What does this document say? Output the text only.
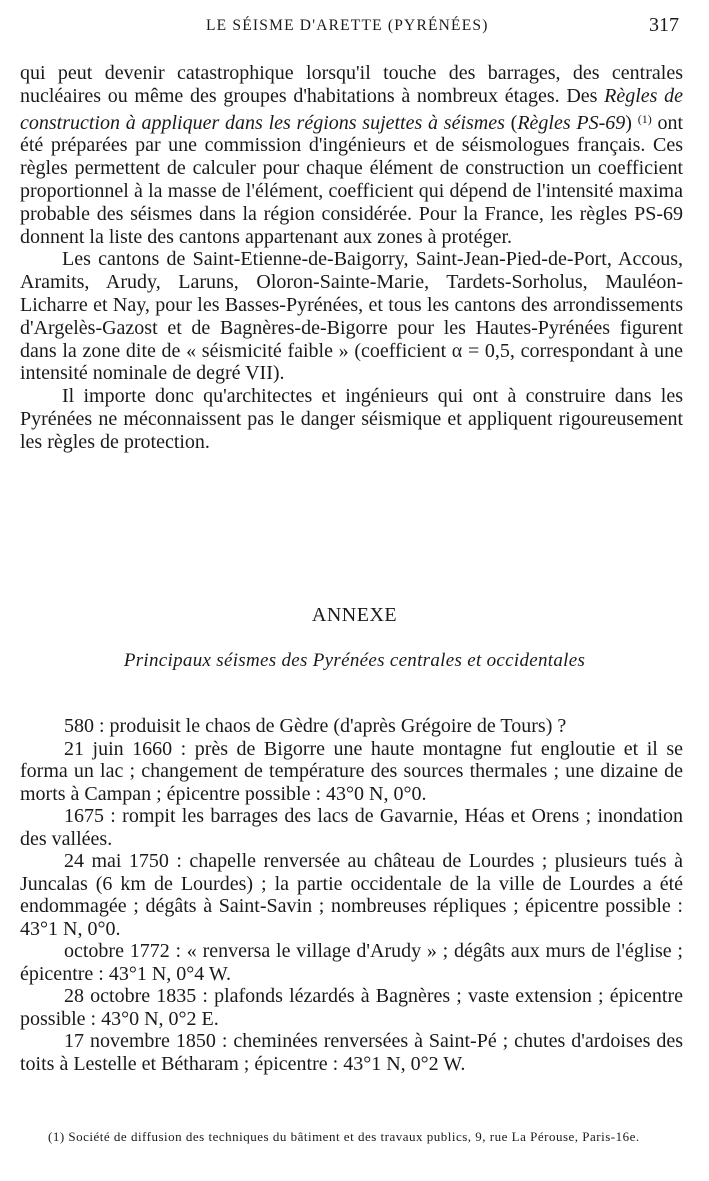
LE SÉISME D'ARETTE (PYRÉNÉES)	317

qui peut devenir catastrophique lorsqu'il touche des barrages, des centrales nucléaires ou même des groupes d'habitations à nombreux étages. Des Règles de construction à appliquer dans les régions sujettes à séismes (Règles PS-69) $^{(1)}$ ont été préparées par une commission d'ingénieurs et de séismologues français. Ces règles permettent de calculer pour chaque élément de construction un coefficient proportionnel à la masse de l'élément, coefficient qui dépend de l'intensité maxima probable des séismes dans la région considérée. Pour la France, les règles PS-69 donnent la liste des cantons appartenant aux zones à protéger.

Les cantons de Saint-Etienne-de-Baigorry, Saint-Jean-Pied-de-Port, Accous, Aramits, Arudy, Laruns, Oloron-Sainte-Marie, Tardets-Sorholus, Mauléon-Licharre et Nay, pour les Basses-Pyrénées, et tous les cantons des arrondissements d'Argelès-Gazost et de Bagnères-de-Bigorre pour les Hautes-Pyrénées figurent dans la zone dite de « séismicité faible » (coefficient α = 0,5, correspondant à une intensité nominale de degré VII).

Il importe donc qu'architectes et ingénieurs qui ont à construire dans les Pyrénées ne méconnaissent pas le danger séismique et appliquent rigoureusement les règles de protection.

ANNEXE
Principaux séismes des Pyrénées centrales et occidentales

580 : produisit le chaos de Gèdre (d'après Grégoire de Tours) ?

21 juin 1660 : près de Bigorre une haute montagne fut engloutie et il se forma un lac ; changement de température des sources thermales ; une dizaine de morts à Campan ; épicentre possible : 43°0 N, 0°0.

1675 : rompit les barrages des lacs de Gavarnie, Héas et Orens ; inondation des vallées.

24 mai 1750 : chapelle renversée au château de Lourdes ; plusieurs tués à Juncalas (6 km de Lourdes) ; la partie occidentale de la ville de Lourdes a été endommagée ; dégâts à Saint-Savin ; nombreuses répliques ; épicentre possible : 43°1 N, 0°0.

octobre 1772 : « renversa le village d'Arudy » ; dégâts aux murs de l'église ; épicentre : 43°1 N, 0°4 W.

28 octobre 1835 : plafonds lézardés à Bagnères ; vaste extension ; épicentre possible : 43°0 N, 0°2 E.

17 novembre 1850 : cheminées renversées à Saint-Pé ; chutes d'ardoises des toits à Lestelle et Bétharam ; épicentre : 43°1 N, 0°2 W.

(1) Société de diffusion des techniques du bâtiment et des travaux publics, 9, rue La Pérouse, Paris-16e.
